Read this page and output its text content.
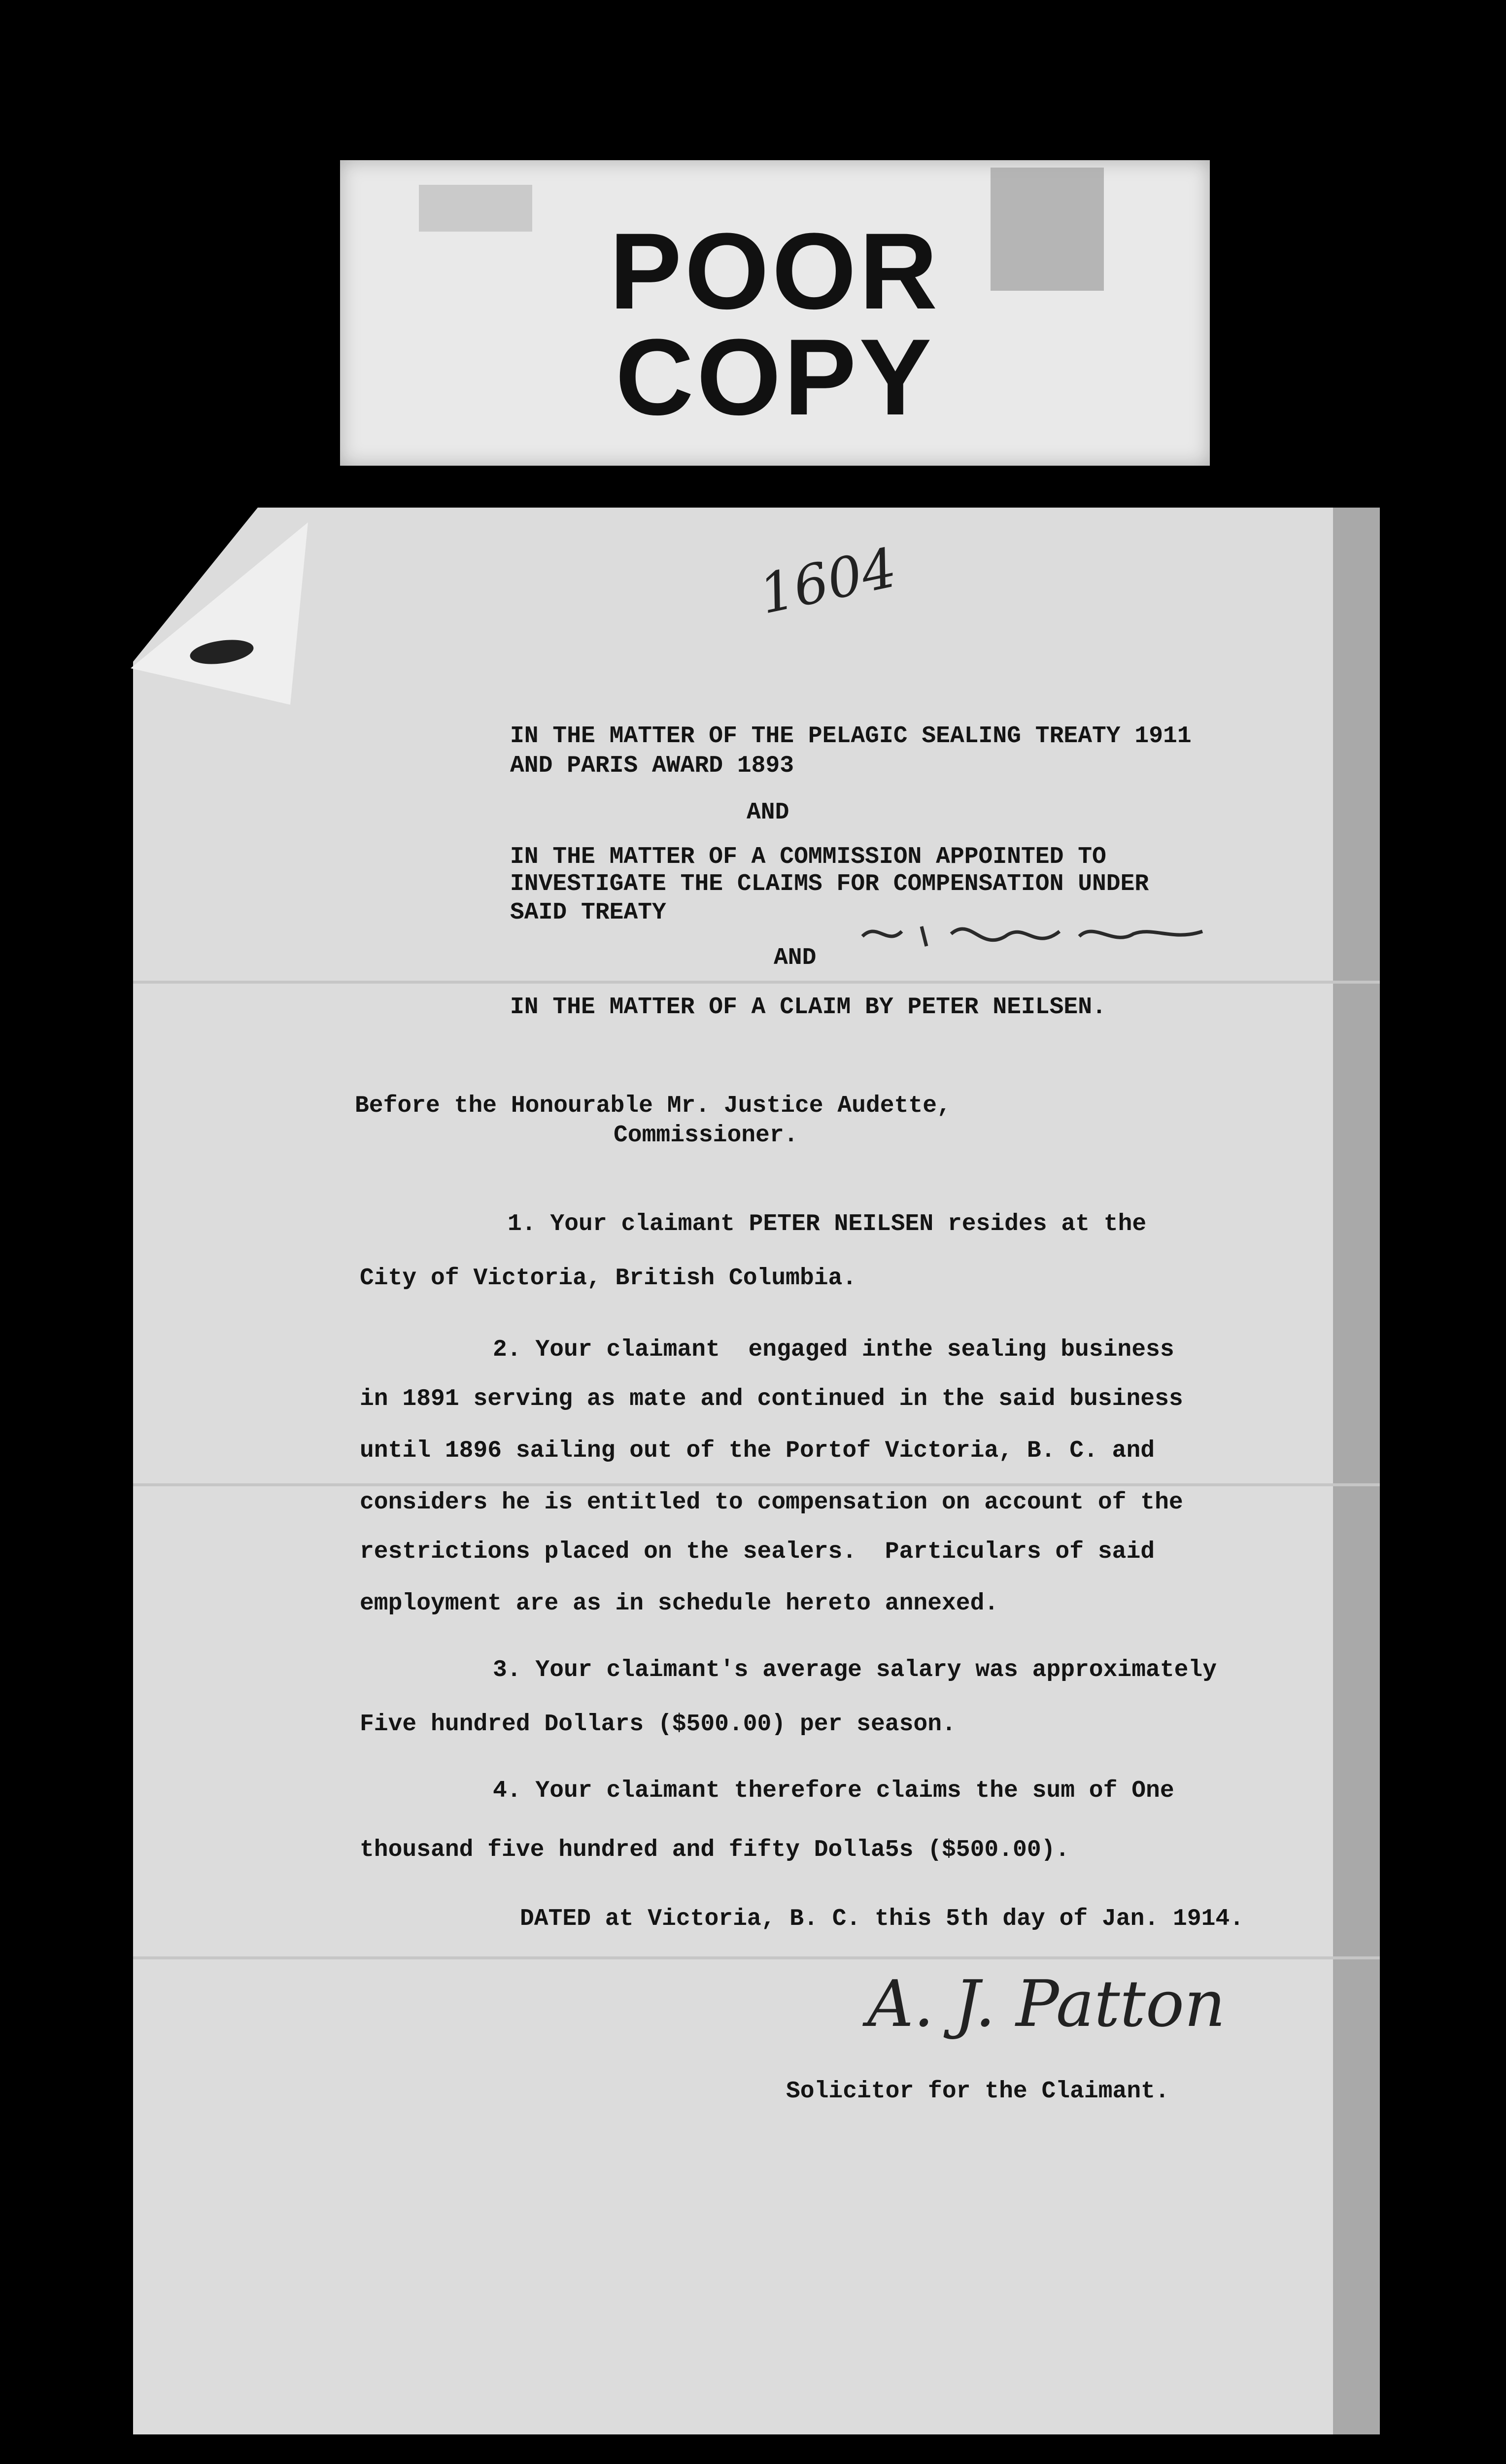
POOR
COPY
1604
IN THE MATTER OF THE PELAGIC SEALING TREATY 1911
AND PARIS AWARD 1893
AND
IN THE MATTER OF A COMMISSION APPOINTED TO
INVESTIGATE THE CLAIMS FOR COMPENSATION UNDER
SAID TREATY
AND
IN THE MATTER OF A CLAIM BY PETER NEILSEN.
Before the Honourable Mr. Justice Audette,
Commissioner.
1. Your claimant PETER NEILSEN resides at the
City of Victoria, British Columbia.
2. Your claimant  engaged inthe sealing business
in 1891 serving as mate and continued in the said business
until 1896 sailing out of the Portof Victoria, B. C. and
considers he is entitled to compensation on account of the
restrictions placed on the sealers.  Particulars of said
employment are as in schedule hereto annexed.
3. Your claimant's average salary was approximately
Five hundred Dollars ($500.00) per season.
4. Your claimant therefore claims the sum of One
thousand five hundred and fifty Dolla5s ($500.00).
DATED at Victoria, B. C. this 5th day of Jan. 1914.
A. J. Patton
Solicitor for the Claimant.
